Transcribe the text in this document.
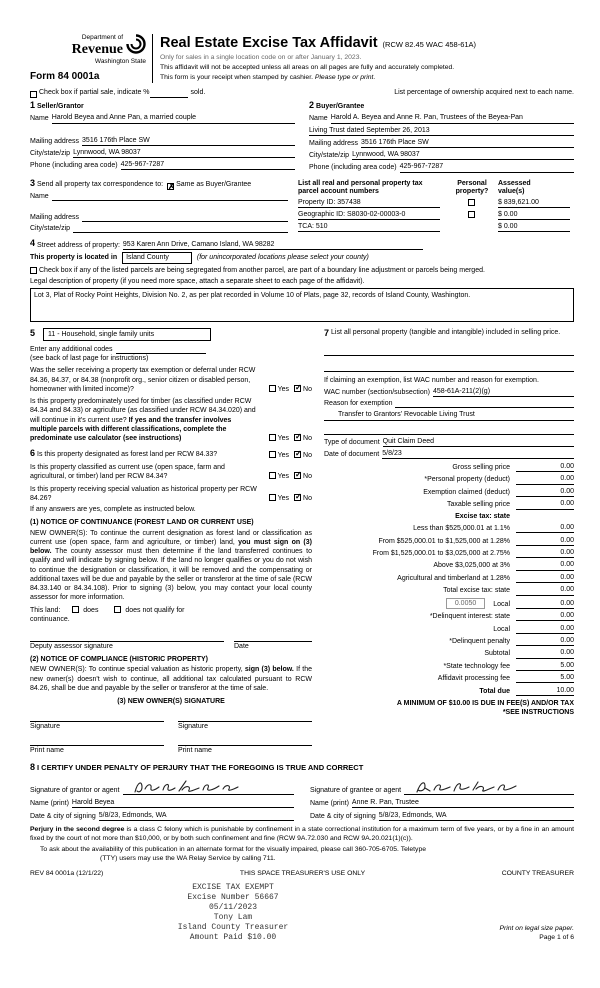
Department of
Revenue
Washington State
Form 84 0001a
Real Estate Excise Tax Affidavit (RCW 82.45 WAC 458-61A)
Only for sales in a single location code on or after January 1, 2023.
This affidavit will not be accepted unless all areas on all pages are fully and accurately completed.
This form is your receipt when stamped by cashier. Please type or print.
Check box if partial sale, indicate %	sold.	List percentage of ownership acquired next to each name.
1 Seller/Grantor
Name Harold Beyea and Anne Pan, a married couple
Mailing address 3516 176th Place SW
City/state/zip Lynnwood, WA 98037
Phone (including area code) 425-967-7287
2 Buyer/Grantee
Name Harold A. Beyea and Anne R. Pan, Trustees of the Beyea-Pan
Living Trust dated September 26, 2013
Mailing address 3516 176th Place SW
City/state/zip Lynnwood, WA 98037
Phone (including area code) 425-967-7287
3 Send all property tax correspondence to: ✗ Same as Buyer/Grantee
Name
Mailing address
City/state/zip
List all real and personal property tax
parcel account numbers
Personal
property?
Assessed
value(s)
Property ID: 357438	$ 839,621.00
Geographic ID: S8030-02-00003-0	$ 0.00
TCA: 510	$ 0.00
4 Street address of property: 953 Karen Ann Drive, Camano Island, WA 98282
This property is located in Island County	(for unincorporated locations please select your county)
Check box if any of the listed parcels are being segregated from another parcel, are part of a boundary line adjustment or parcels being merged.
Legal description of property (if you need more space, attach a separate sheet to each page of the affidavit).
Lot 3, Plat of Rocky Point Heights, Division No. 2, as per plat recorded in Volume 10 of Plats, page 32, records of Island County, Washington.
5	11 - Household, single family units
Enter any additional codes
(see back of last page for instructions)
Was the seller receiving a property tax exemption or deferral under RCW 84.36, 84.37, or 84.38 (nonprofit org., senior citizen or disabled person, homeowner with limited income)?	Yes ✓ No
Is this property predominately used for timber (as classified under RCW 84.34 and 84.33) or agriculture (as classified under RCW 84.34.020) and will continue in it's current use? If yes and the transfer involves multiple parcels with different classifications, complete the predominate use calculator (see instructions)	Yes ✓ No
6 Is this property designated as forest land per RCW 84.33?	Yes ✓ No
Is this property classified as current use (open space, farm and agricultural, or timber) land per RCW 84.34?	Yes ✓ No
Is this property receiving special valuation as historical property per RCW 84.26?	Yes ✓ No
If any answers are yes, complete as instructed below.
(1) NOTICE OF CONTINUANCE (FOREST LAND OR CURRENT USE)
NEW OWNER(S): To continue the current designation as forest land or classification as current use (open space, farm and agriculture, or timber) land, you must sign on (3) below. The county assessor must then determine if the land transferred continues to qualify and will indicate by signing below. If the land no longer qualifies or you do not wish to continue the designation or classification, it will be removed and the compensating or additional taxes will be due and payable by the seller or transferor at the time of sale (RCW 84.33.140 or 84.34.108). Prior to signing (3) below, you may contact your local county assessor for more information.
This land:	does	does not qualify for
continuance.
Deputy assessor signature	Date
(2) NOTICE OF COMPLIANCE (HISTORIC PROPERTY)
NEW OWNER(S): To continue special valuation as historic property, sign (3) below. If the new owner(s) doesn't wish to continue, all additional tax calculated pursuant to RCW 84.26, shall be due and payable by the seller or transferor at the time of sale.
(3) NEW OWNER(S) SIGNATURE
Signature	Signature
Print name	Print name
7 List all personal property (tangible and intangible) included in selling price.
If claiming an exemption, list WAC number and reason for exemption.
WAC number (section/subsection) 458-61A-211(2)(g)
Reason for exemption
Transfer to Grantors' Revocable Living Trust
Type of document Quit Claim Deed
Date of document 5/8/23
Gross selling price	0.00
*Personal property (deduct)	0.00
Exemption claimed (deduct)	0.00
Taxable selling price	0.00
Excise tax: state
Less than $525,000.01 at 1.1%	0.00
From $525,000.01 to $1,525,000 at 1.28%	0.00
From $1,525,000.01 to $3,025,000 at 2.75%	0.00
Above $3,025,000 at 3%	0.00
Agricultural and timberland at 1.28%	0.00
Total excise tax: state	0.00
0.0050	Local	0.00
*Delinquent interest: state	0.00
Local	0.00
*Delinquent penalty	0.00
Subtotal	0.00
*State technology fee	5.00
Affidavit processing fee	5.00
Total due	10.00
A MINIMUM OF $10.00 IS DUE IN FEE(S) AND/OR TAX
*SEE INSTRUCTIONS
8 I CERTIFY UNDER PENALTY OF PERJURY THAT THE FOREGOING IS TRUE AND CORRECT
Signature of grantor or agent
Name (print) Harold Beyea
Date & city of signing 5/8/23, Edmonds, WA
Signature of grantee or agent
Name (print) Anne R. Pan, Trustee
Date & city of signing 5/8/23, Edmonds, WA
Perjury in the second degree is a class C felony which is punishable by confinement in a state correctional institution for a maximum term of five years, or by a fine in an amount fixed by the court of not more than $10,000, or by both such confinement and fine (RCW 9A.72.030 and RCW 9A.20.021(1)(c)).
To ask about the availability of this publication in an alternate format for the visually impaired, please call 360-705-6705. Teletype
(TTY) users may use the WA Relay Service by calling 711.
REV 84 0001a (12/1/22)	THIS SPACE TREASURER'S USE ONLY	COUNTY TREASURER
EXCISE TAX EXEMPT
Excise Number 56667
05/11/2023
Tony Lam
Island County Treasurer
Amount Paid $10.00
Print on legal size paper.
Page 1 of 6
